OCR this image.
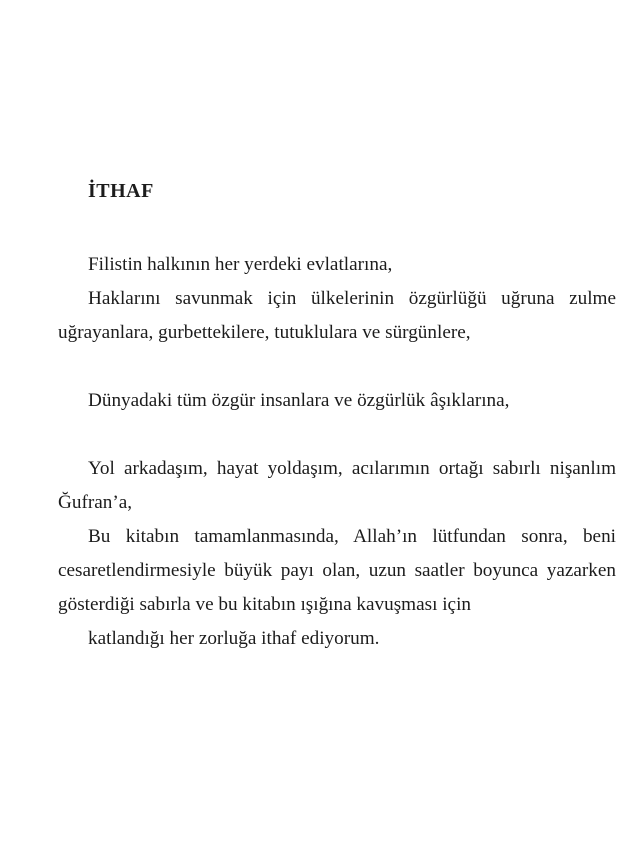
İTHAF

Filistin halkının her yerdeki evlatlarına,

Haklarını savunmak için ülkelerinin özgürlüğü uğruna zulme uğrayanlara, gurbettekilere, tutuklulara ve sürgünlere,

Dünyadaki tüm özgür insanlara ve özgürlük âşıklarına,

Yol arkadaşım, hayat yoldaşım, acılarımın ortağı sabırlı nişanlım Ğufran’a,

Bu kitabın tamamlanmasında, Allah’ın lütfundan sonra, beni cesaretlendirmesiyle büyük payı olan, uzun saatler boyunca yazarken gösterdiği sabırla ve bu kitabın ışığına kavuşması için

katlandığı her zorluğa ithaf ediyorum.
